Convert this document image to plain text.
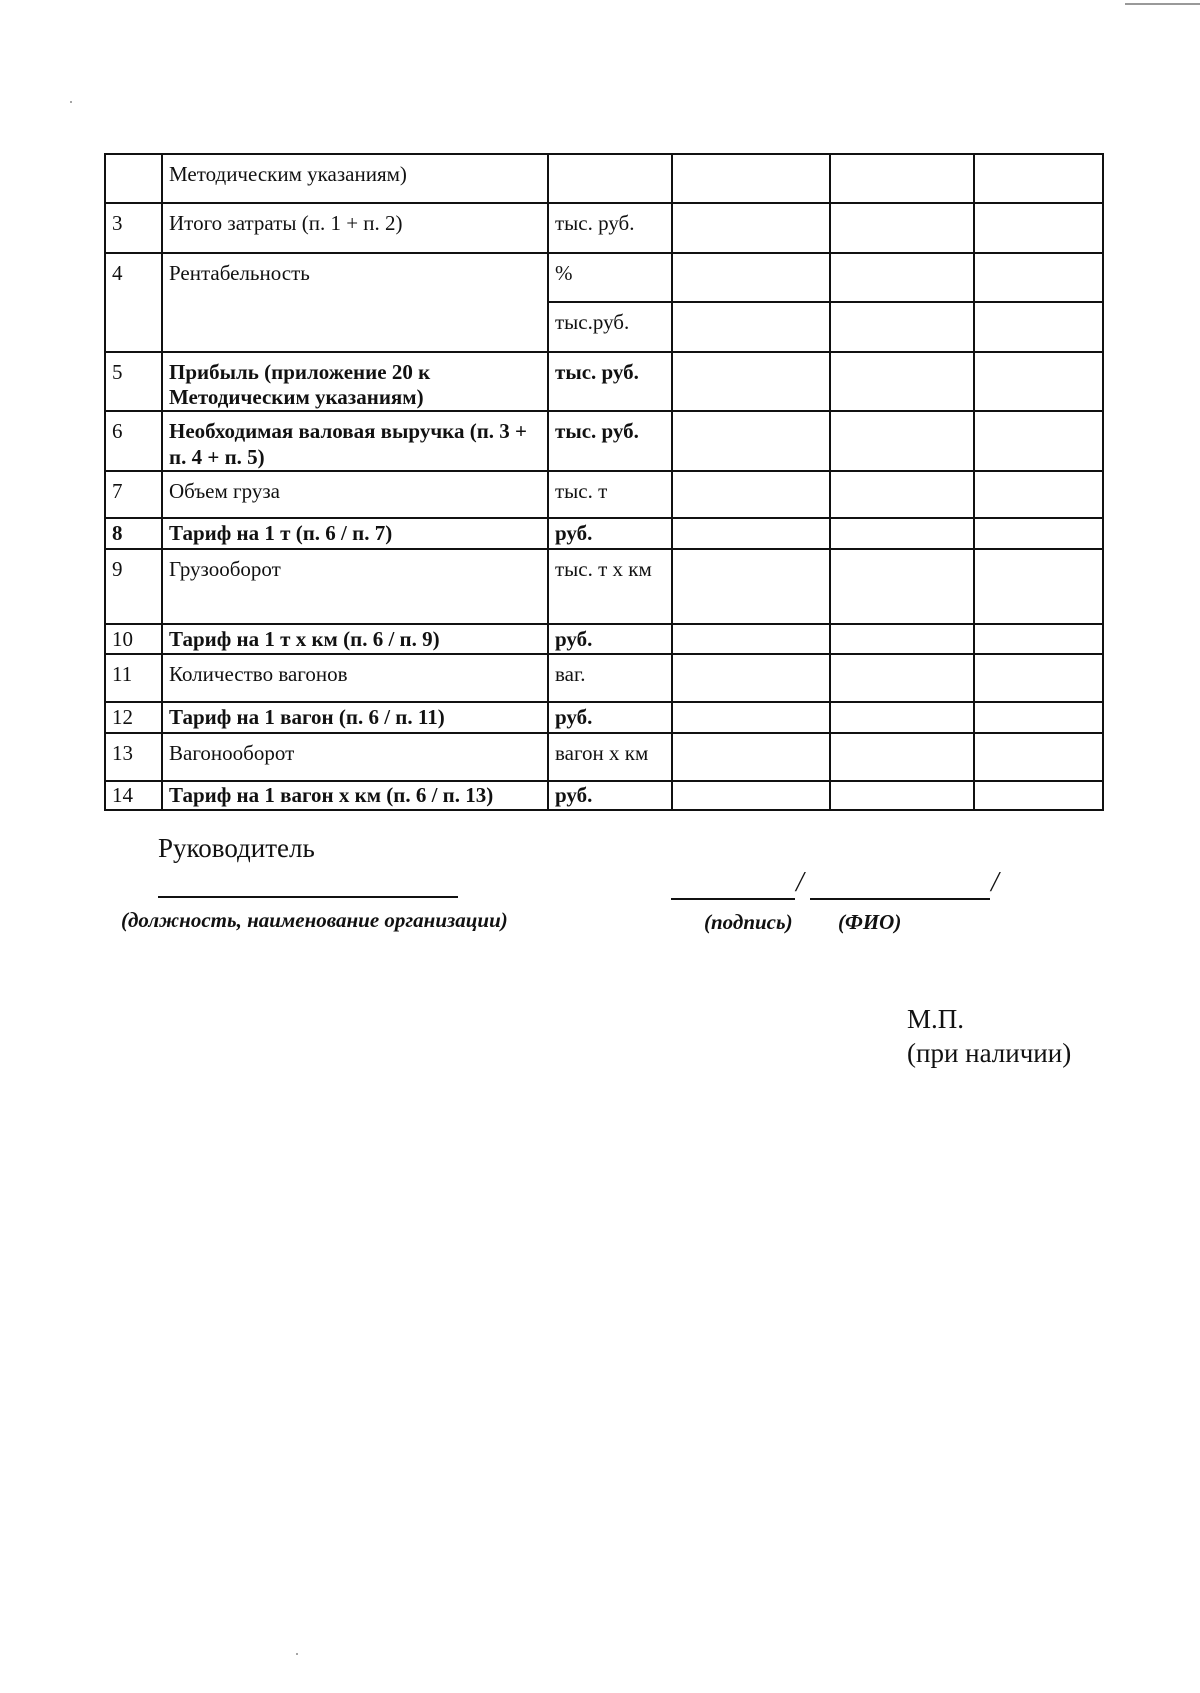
	Методическим указаниям)				
3	Итого затраты (п. 1 + п. 2)	тыс. руб.			
4	Рентабельность	%			
		тыс.руб.			
5	Прибыль (приложение 20 к Методическим указаниям)	тыс. руб.			
6	Необходимая валовая выручка (п. 3 + п. 4 + п. 5)	тыс. руб.			
7	Объем груза	тыс. т			
8	Тариф на 1 т (п. 6 / п. 7)	руб.			
9	Грузооборот	тыс. т х км			
10	Тариф на 1 т х км (п. 6 / п. 9)	руб.			
11	Количество вагонов	ваг.			
12	Тариф на 1 вагон (п. 6 / п. 11)	руб.			
13	Вагонооборот	вагон х км			
14	Тариф на 1 вагон х км (п. 6 / п. 13)	руб.			
Руководитель
(должность, наименование организации)
/	/
(подпись) (ФИО)
М.П.
(при наличии)
